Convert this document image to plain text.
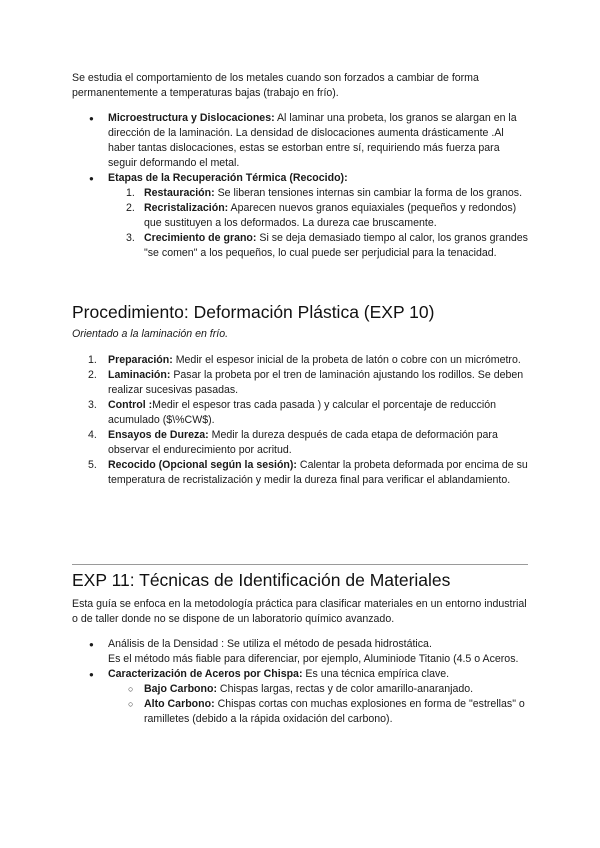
Se estudia el comportamiento de los metales cuando son forzados a cambiar de forma permanentemente a temperaturas bajas (trabajo en frío).

● Microestructura y Dislocaciones: Al laminar una probeta, los granos se alargan en la dirección de la laminación. La densidad de dislocaciones aumenta drásticamente .Al haber tantas dislocaciones, estas se estorban entre sí, requiriendo más fuerza para seguir deformando el metal.
● Etapas de la Recuperación Térmica (Recocido):
1. Restauración: Se liberan tensiones internas sin cambiar la forma de los granos.
2. Recristalización: Aparecen nuevos granos equiaxiales (pequeños y redondos) que sustituyen a los deformados. La dureza cae bruscamente.
3. Crecimiento de grano: Si se deja demasiado tiempo al calor, los granos grandes "se comen" a los pequeños, lo cual puede ser perjudicial para la tenacidad.
Procedimiento: Deformación Plástica (EXP 10)

Orientado a la laminación en frío.

1. Preparación: Medir el espesor inicial de la probeta de latón o cobre con un micrómetro.
2. Laminación: Pasar la probeta por el tren de laminación ajustando los rodillos. Se deben realizar sucesivas pasadas.
3. Control :Medir el espesor tras cada pasada ) y calcular el porcentaje de reducción acumulado ($\%CW$).
4. Ensayos de Dureza: Medir la dureza después de cada etapa de deformación para observar el endurecimiento por acritud.
5. Recocido (Opcional según la sesión): Calentar la probeta deformada por encima de su temperatura de recristalización y medir la dureza final para verificar el ablandamiento.
EXP 11: Técnicas de Identificación de Materiales

Esta guía se enfoca en la metodología práctica para clasificar materiales en un entorno industrial o de taller donde no se dispone de un laboratorio químico avanzado.

● Análisis de la Densidad : Se utiliza el método de pesada hidrostática.
Es el método más fiable para diferenciar, por ejemplo, Aluminiode Titanio (4.5 o Aceros.
● Caracterización de Aceros por Chispa: Es una técnica empírica clave.
○ Bajo Carbono: Chispas largas, rectas y de color amarillo-anaranjado.
○ Alto Carbono: Chispas cortas con muchas explosiones en forma de "estrellas" o ramilletes (debido a la rápida oxidación del carbono).
